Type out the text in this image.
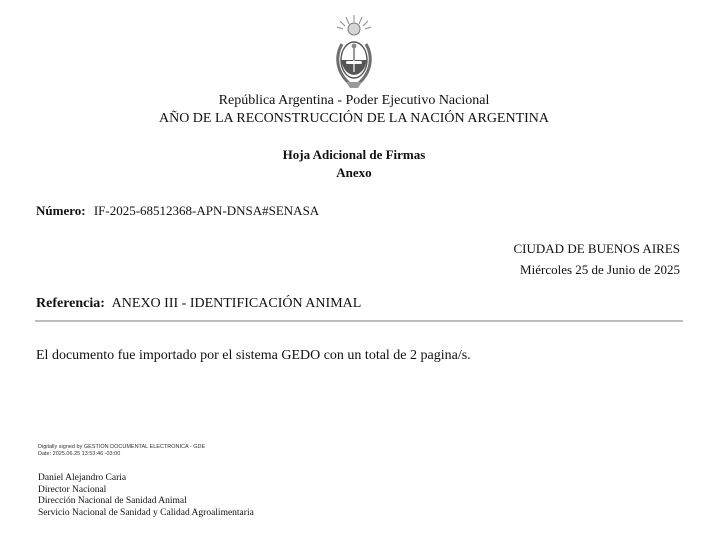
República Argentina - Poder Ejecutivo Nacional
AÑO DE LA RECONSTRUCCIÓN DE LA NACIÓN ARGENTINA
Hoja Adicional de Firmas
Anexo
Número: IF-2025-68512368-APN-DNSA#SENASA
CIUDAD DE BUENOS AIRES
Miércoles 25 de Junio de 2025
Referencia: ANEXO III - IDENTIFICACIÓN ANIMAL
El documento fue importado por el sistema GEDO con un total de 2 pagina/s.
Digitally signed by GESTION DOCUMENTAL ELECTRONICA - GDE
Date: 2025.06.25 13:53:46 -03:00
Daniel Alejandro Caria
Director Nacional
Dirección Nacional de Sanidad Animal
Servicio Nacional de Sanidad y Calidad Agroalimentaria
